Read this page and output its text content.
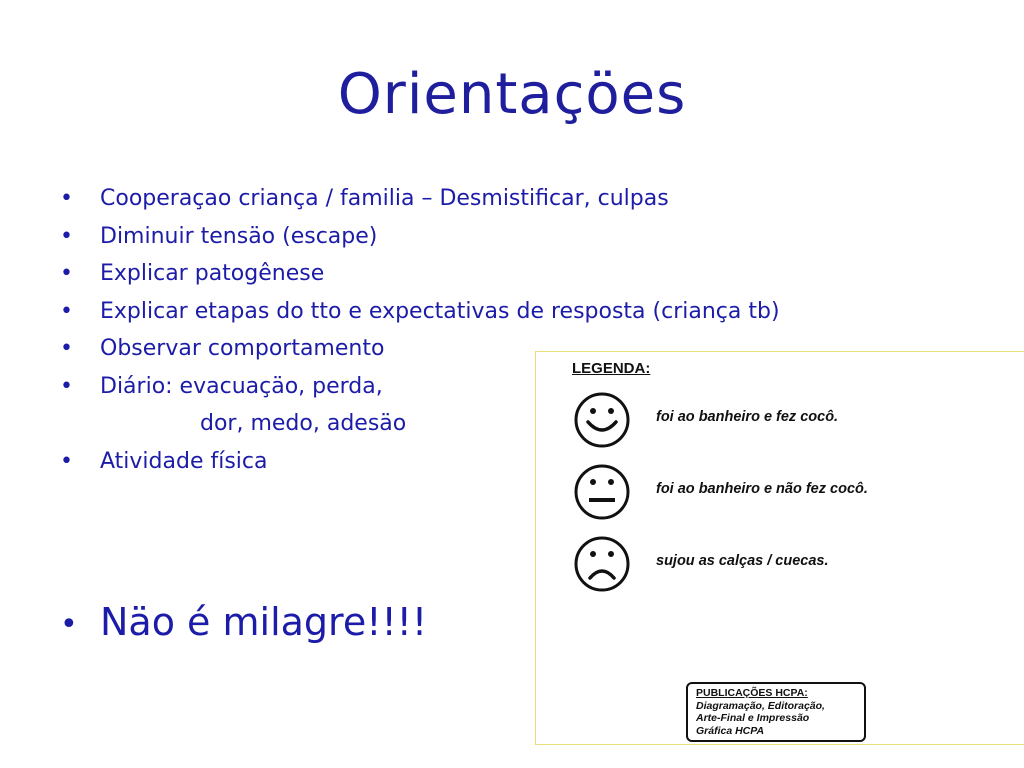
Orientaçöes
• Cooperaçao criança / familia – Desmistificar, culpas
• Diminuir tensäo (escape)
• Explicar patogênese
• Explicar etapas do tto e expectativas de resposta (criança tb)
• Observar comportamento
• Diário: evacuaçäo, perda,
dor, medo, adesäo
• Atividade física
• Näo é milagre!!!!
LEGENDA:
foi ao banheiro e fez cocô.
foi ao banheiro e não fez cocô.
sujou as calças / cuecas.
PUBLICAÇÕES HCPA:
Diagramação, Editoração,
Arte-Final e Impressão
Gráfica HCPA
